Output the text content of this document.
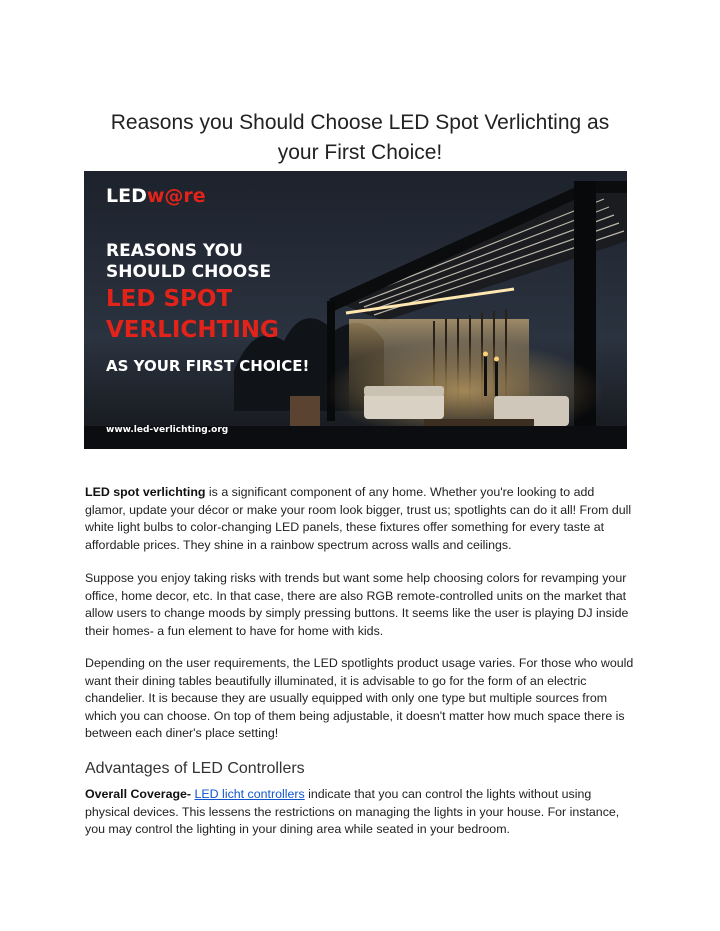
Reasons you Should Choose LED Spot Verlichting as
your First Choice!
LEDw@re
REASONS YOU
SHOULD CHOOSE
LED SPOT
VERLICHTING
AS YOUR FIRST CHOICE!
www.led-verlichting.org

LED spot verlichting is a significant component of any home. Whether you're looking to add glamor, update your décor or make your room look bigger, trust us; spotlights can do it all! From dull white light bulbs to color-changing LED panels, these fixtures offer something for every taste at affordable prices. They shine in a rainbow spectrum across walls and ceilings.

Suppose you enjoy taking risks with trends but want some help choosing colors for revamping your office, home decor, etc. In that case, there are also RGB remote-controlled units on the market that allow users to change moods by simply pressing buttons. It seems like the user is playing DJ inside their homes- a fun element to have for home with kids.

Depending on the user requirements, the LED spotlights product usage varies. For those who would want their dining tables beautifully illuminated, it is advisable to go for the form of an electric chandelier. It is because they are usually equipped with only one type but multiple sources from which you can choose. On top of them being adjustable, it doesn't matter how much space there is between each diner's place setting!

Advantages of LED Controllers

Overall Coverage- LED licht controllers indicate that you can control the lights without using physical devices. This lessens the restrictions on managing the lights in your house. For instance, you may control the lighting in your dining area while seated in your bedroom.
